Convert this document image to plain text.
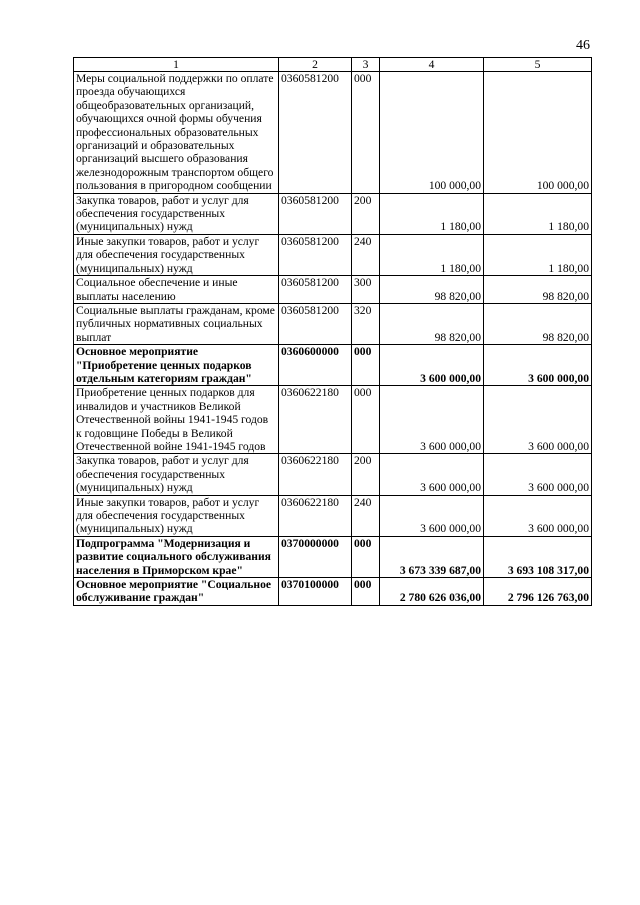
46
1	2	3	4	5
Меры социальной поддержки по оплате проезда обучающихся общеобразовательных организаций, обучающихся очной формы обучения профессиональных образовательных организаций и образовательных организаций высшего образования железнодорожным транспортом общего пользования в пригородном сообщении	0360581200	000	100 000,00	100 000,00
Закупка товаров, работ и услуг для обеспечения государственных (муниципальных) нужд	0360581200	200	1 180,00	1 180,00
Иные закупки товаров, работ и услуг для обеспечения государственных (муниципальных) нужд	0360581200	240	1 180,00	1 180,00
Социальное обеспечение и иные выплаты населению	0360581200	300	98 820,00	98 820,00
Социальные выплаты гражданам, кроме публичных нормативных социальных выплат	0360581200	320	98 820,00	98 820,00
Основное мероприятие "Приобретение ценных подарков отдельным категориям граждан"	0360600000	000	3 600 000,00	3 600 000,00
Приобретение ценных подарков для инвалидов и участников Великой Отечественной войны 1941-1945 годов к годовщине Победы в Великой Отечественной войне 1941-1945 годов	0360622180	000	3 600 000,00	3 600 000,00
Закупка товаров, работ и услуг для обеспечения государственных (муниципальных) нужд	0360622180	200	3 600 000,00	3 600 000,00
Иные закупки товаров, работ и услуг для обеспечения государственных (муниципальных) нужд	0360622180	240	3 600 000,00	3 600 000,00
Подпрограмма "Модернизация и развитие социального обслуживания населения в Приморском крае"	0370000000	000	3 673 339 687,00	3 693 108 317,00
Основное мероприятие "Социальное обслуживание граждан"	0370100000	000	2 780 626 036,00	2 796 126 763,00
